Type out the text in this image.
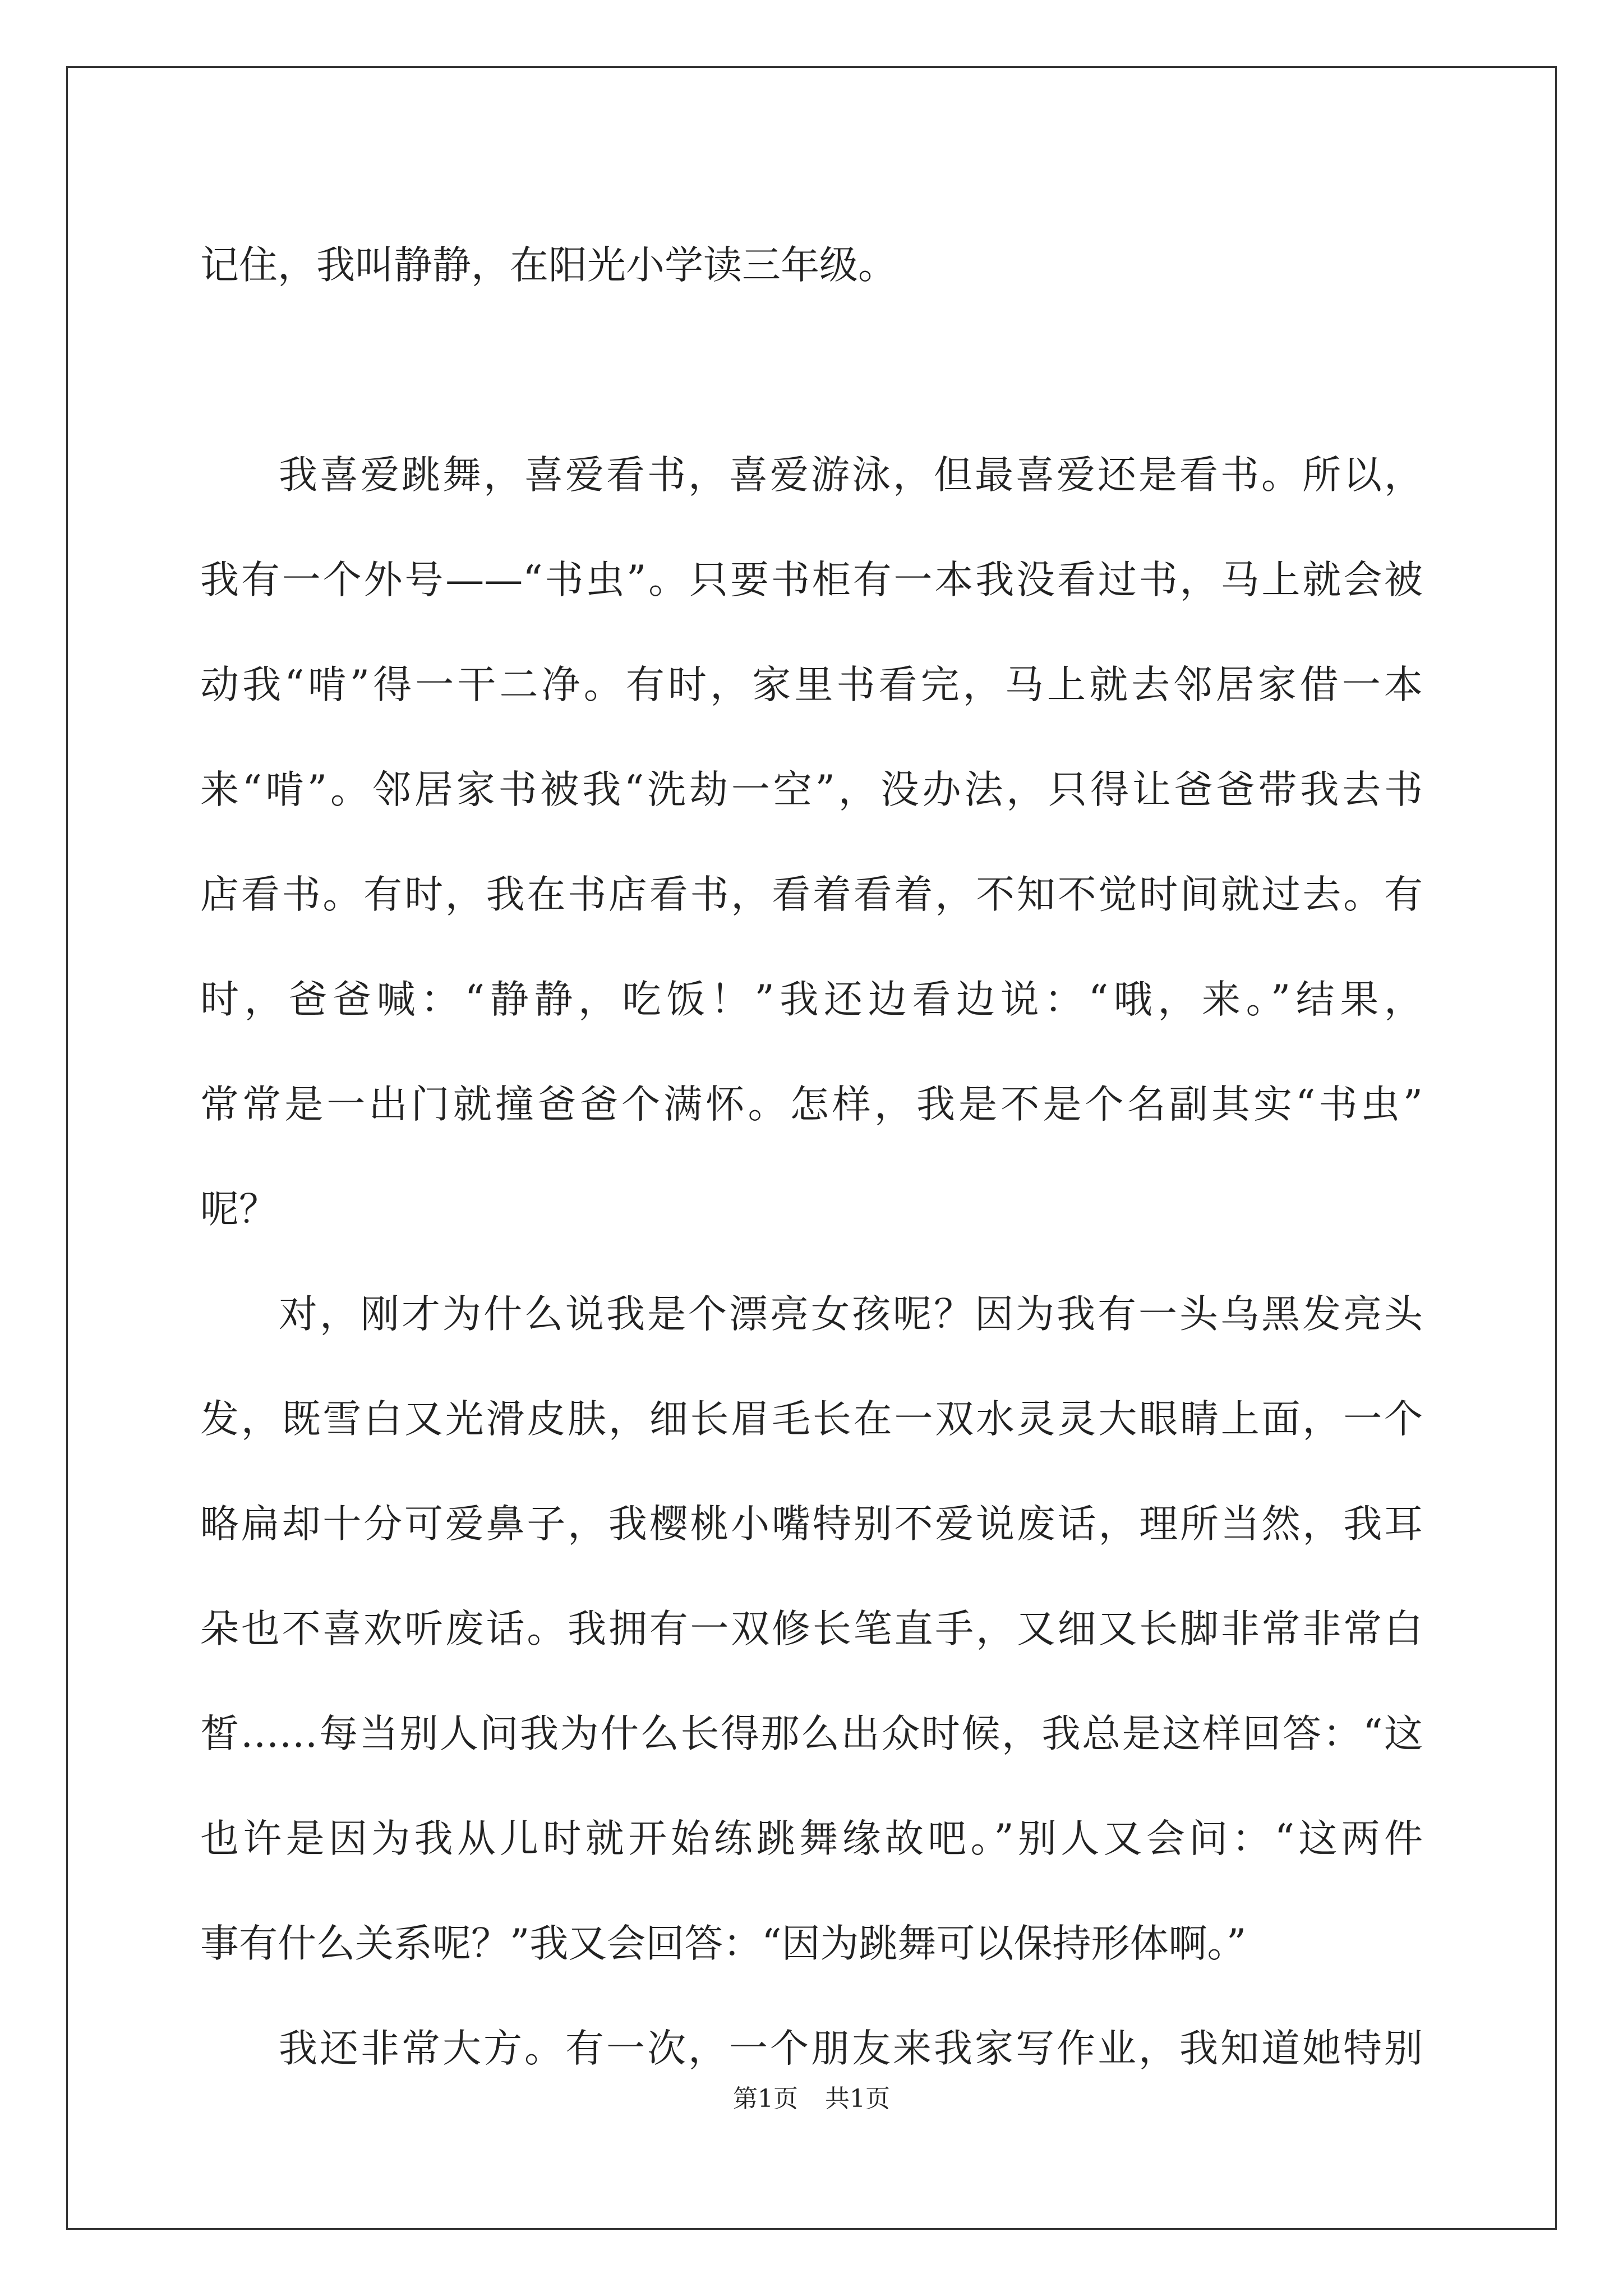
记住，我叫静静，在阳光小学读三年级。
我喜爱跳舞，喜爱看书，喜爱游泳，但最喜爱还是看书。所以，
我有一个外号——“书虫”。只要书柜有一本我没看过书，马上就会被
动我“啃”得一干二净。有时，家里书看完，马上就去邻居家借一本
来“啃”。邻居家书被我“洗劫一空”，没办法，只得让爸爸带我去书
店看书。有时，我在书店看书，看着看着，不知不觉时间就过去。有
时，爸爸喊：“静静，吃饭！”我还边看边说：“哦，来。”结果，
常常是一出门就撞爸爸个满怀。怎样，我是不是个名副其实“书虫”
呢？
对，刚才为什么说我是个漂亮女孩呢？因为我有一头乌黑发亮头
发，既雪白又光滑皮肤，细长眉毛长在一双水灵灵大眼睛上面，一个
略扁却十分可爱鼻子，我樱桃小嘴特别不爱说废话，理所当然，我耳
朵也不喜欢听废话。我拥有一双修长笔直手，又细又长脚非常非常白
皙……每当别人问我为什么长得那么出众时候，我总是这样回答：“这
也许是因为我从儿时就开始练跳舞缘故吧。”别人又会问：“这两件
事有什么关系呢？”我又会回答：“因为跳舞可以保持形体啊。”
我还非常大方。有一次，一个朋友来我家写作业，我知道她特别
第1页 共1页
